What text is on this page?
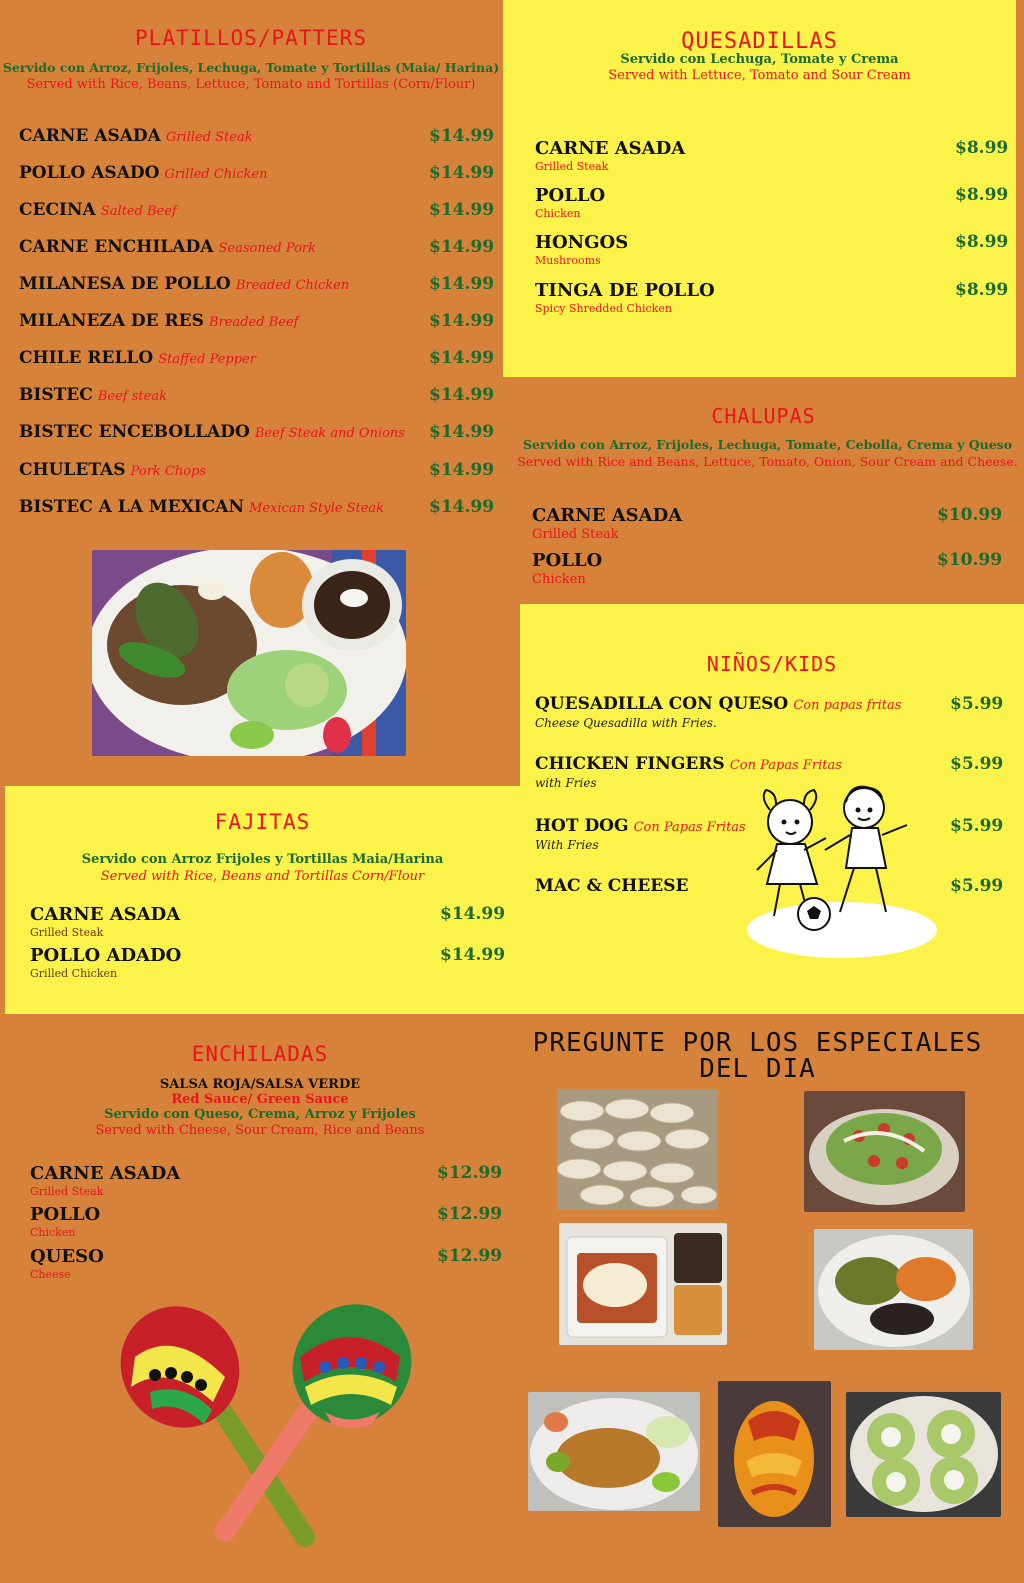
PLATILLOS/PATTERS
Servido con Arroz, Frijoles, Lechuga, Tomate y Tortillas (Maia/ Harina)
Served with Rice, Beans, Lettuce, Tomato and Tortillas (Corn/Flour)
CARNE ASADA Grilled Steak	$14.99
POLLO ASADO Grilled Chicken	$14.99
CECINA Salted Beef	$14.99
CARNE ENCHILADA Seasoned Pork	$14.99
MILANESA DE POLLO Breaded Chicken	$14.99
MILANEZA DE RES Breaded Beef	$14.99
CHILE RELLO Staffed Pepper	$14.99
BISTEC Beef steak	$14.99
BISTEC ENCEBOLLADO Beef Steak and Onions $14.99
CHULETAS Pork Chops	$14.99
BISTEC A LA MEXICAN Mexican Style Steak	$14.99
QUESADILLAS
Servido con Lechuga, Tomate y Crema
Served with Lettuce, Tomato and Sour Cream
CARNE ASADA
Grilled Steak
$8.99
POLLO
Chicken
$8.99
HONGOS
Mushrooms
$8.99
TINGA DE POLLO
Spicy Shredded Chicken
$8.99
CHALUPAS
Servido con Arroz, Frijoles, Lechuga, Tomate, Cebolla, Crema y Queso
Served with Rice and Beans, Lettuce, Tomato, Onion, Sour Cream and Cheese.
CARNE ASADA
Grilled Steak
$10.99
POLLO
Chicken
$10.99
NIÑOS/KIDS
QUESADILLA CON QUESO Con papas fritas
Cheese Quesadilla with Fries.
$5.99
CHICKEN FINGERS Con Papas Fritas
with Fries
$5.99
HOT DOG Con Papas Fritas
With Fries
$5.99
MAC & CHEESE	$5.99
FAJITAS
Servido con Arroz Frijoles y Tortillas Maia/Harina
Served with Rice, Beans and Tortillas Corn/Flour
CARNE ASADA
Grilled Steak
$14.99
POLLO ADADO
Grilled Chicken
$14.99
ENCHILADAS
SALSA ROJA/SALSA VERDE
Red Sauce/ Green Sauce
Servido con Queso, Crema, Arroz y Frijoles
Served with Cheese, Sour Cream, Rice and Beans
CARNE ASADA
Grilled Steak
$12.99
POLLO
Chicken
$12.99
QUESO
Cheese
$12.99
PREGUNTE POR LOS ESPECIALES
DEL DIA
